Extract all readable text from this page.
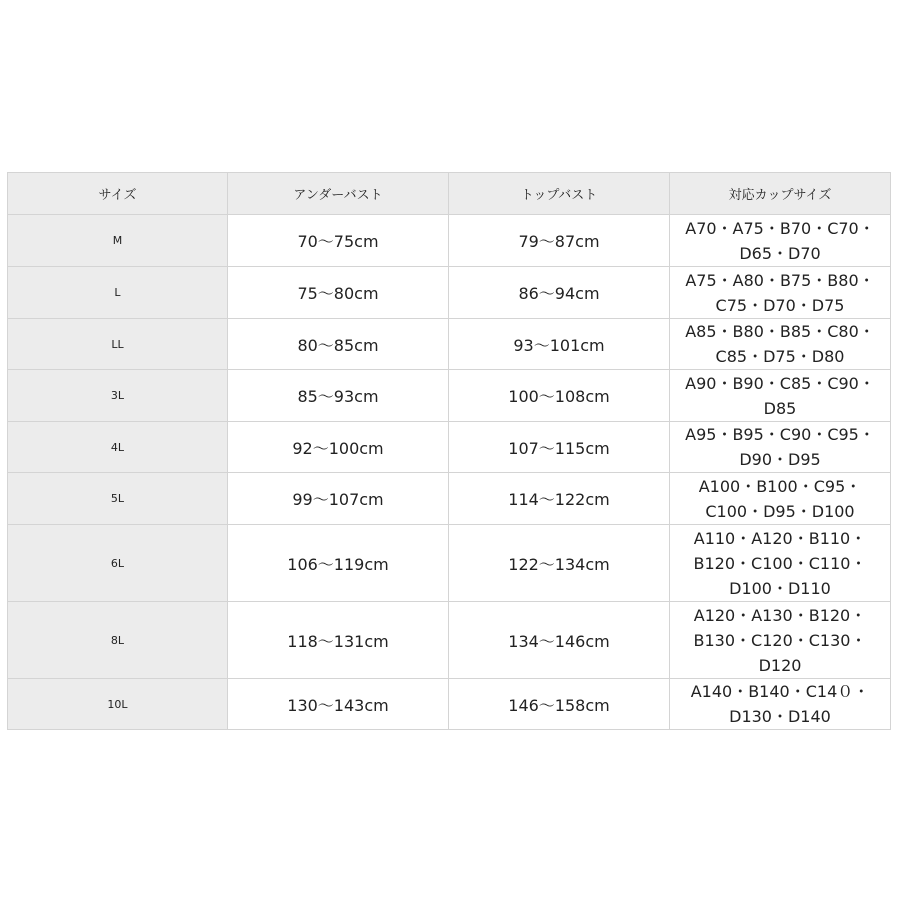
サイズ	アンダーバスト	トップバスト	対応カップサイズ
M	70～75cm	79～87cm	A70・A75・B70・C70・D65・D70
L	75～80cm	86～94cm	A75・A80・B75・B80・C75・D70・D75
LL	80～85cm	93～101cm	A85・B80・B85・C80・C85・D75・D80
3L	85～93cm	100～108cm	A90・B90・C85・C90・D85
4L	92～100cm	107～115cm	A95・B95・C90・C95・D90・D95
5L	99～107cm	114～122cm	A100・B100・C95・C100・D95・D100
6L	106～119cm	122～134cm	A110・A120・B110・B120・C100・C110・D100・D110
8L	118～131cm	134～146cm	A120・A130・B120・B130・C120・C130・D120
10L	130～143cm	146～158cm	A140・B140・C14０・D130・D140
